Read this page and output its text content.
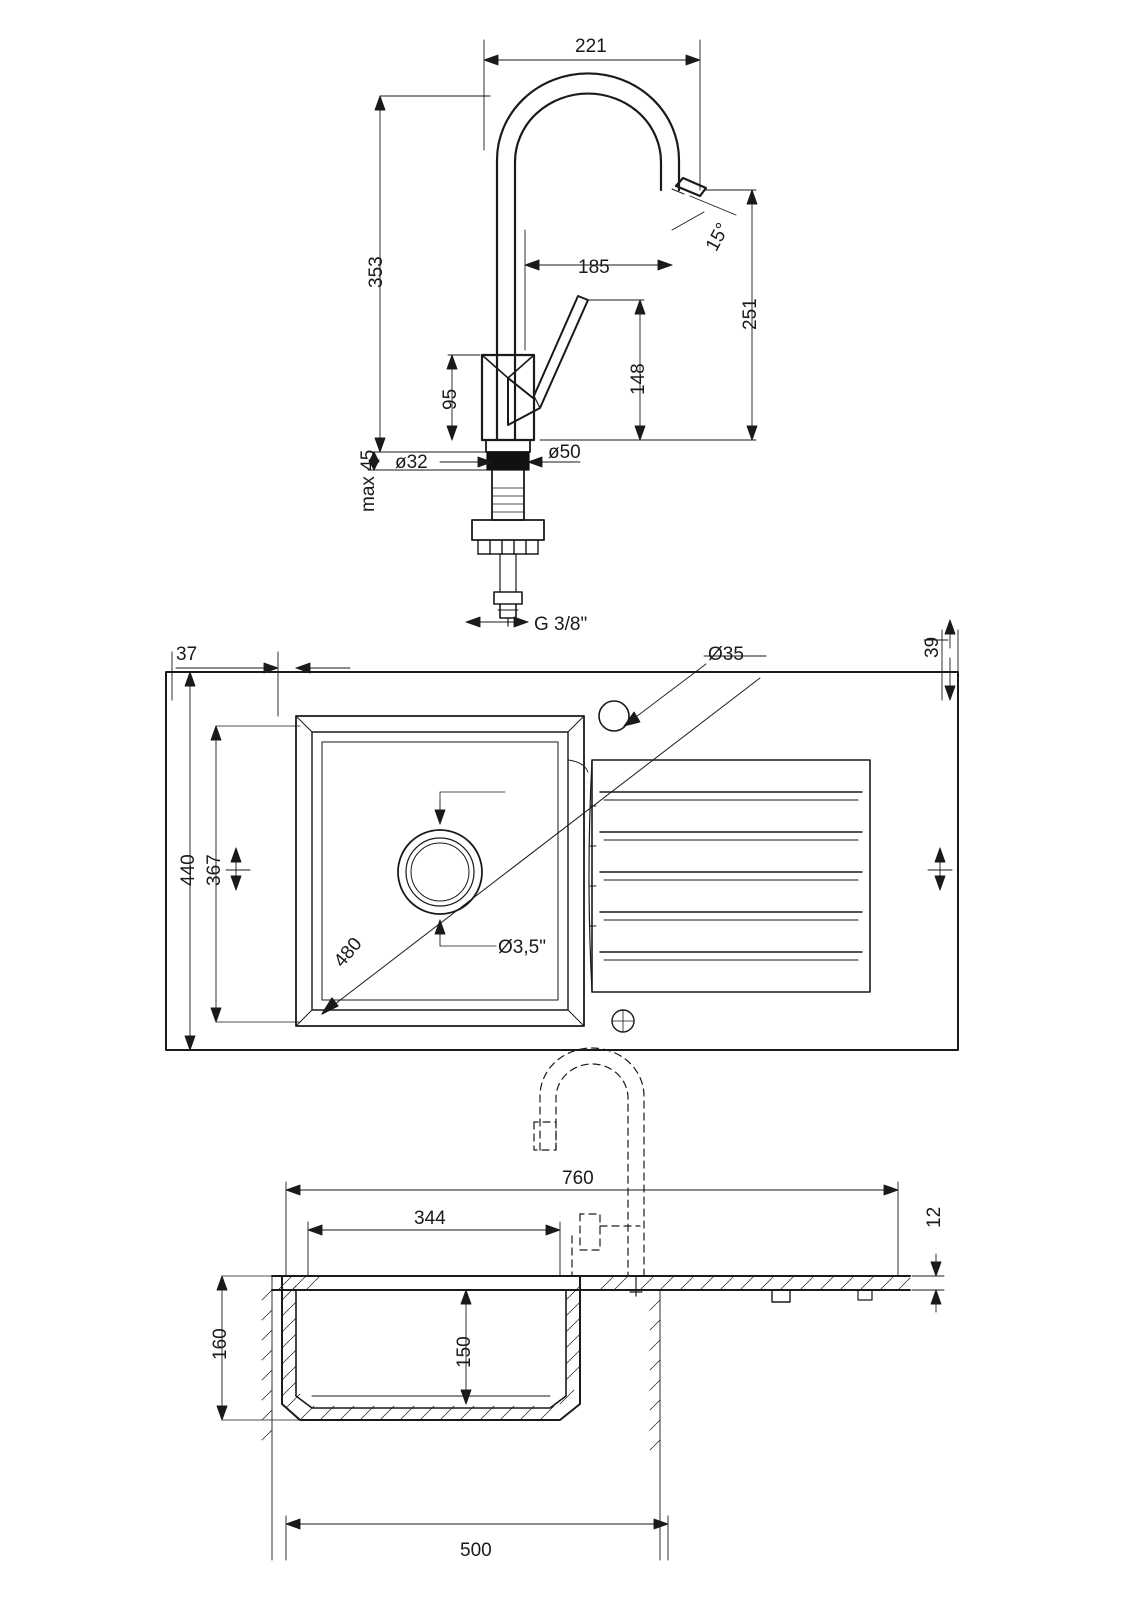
221
353	185
15°
251
148
95
ø32	ø50
max 45
G 3/8"
37	Ø35	39
440 367
480	Ø3,5"
760
344	12
160	150
500
